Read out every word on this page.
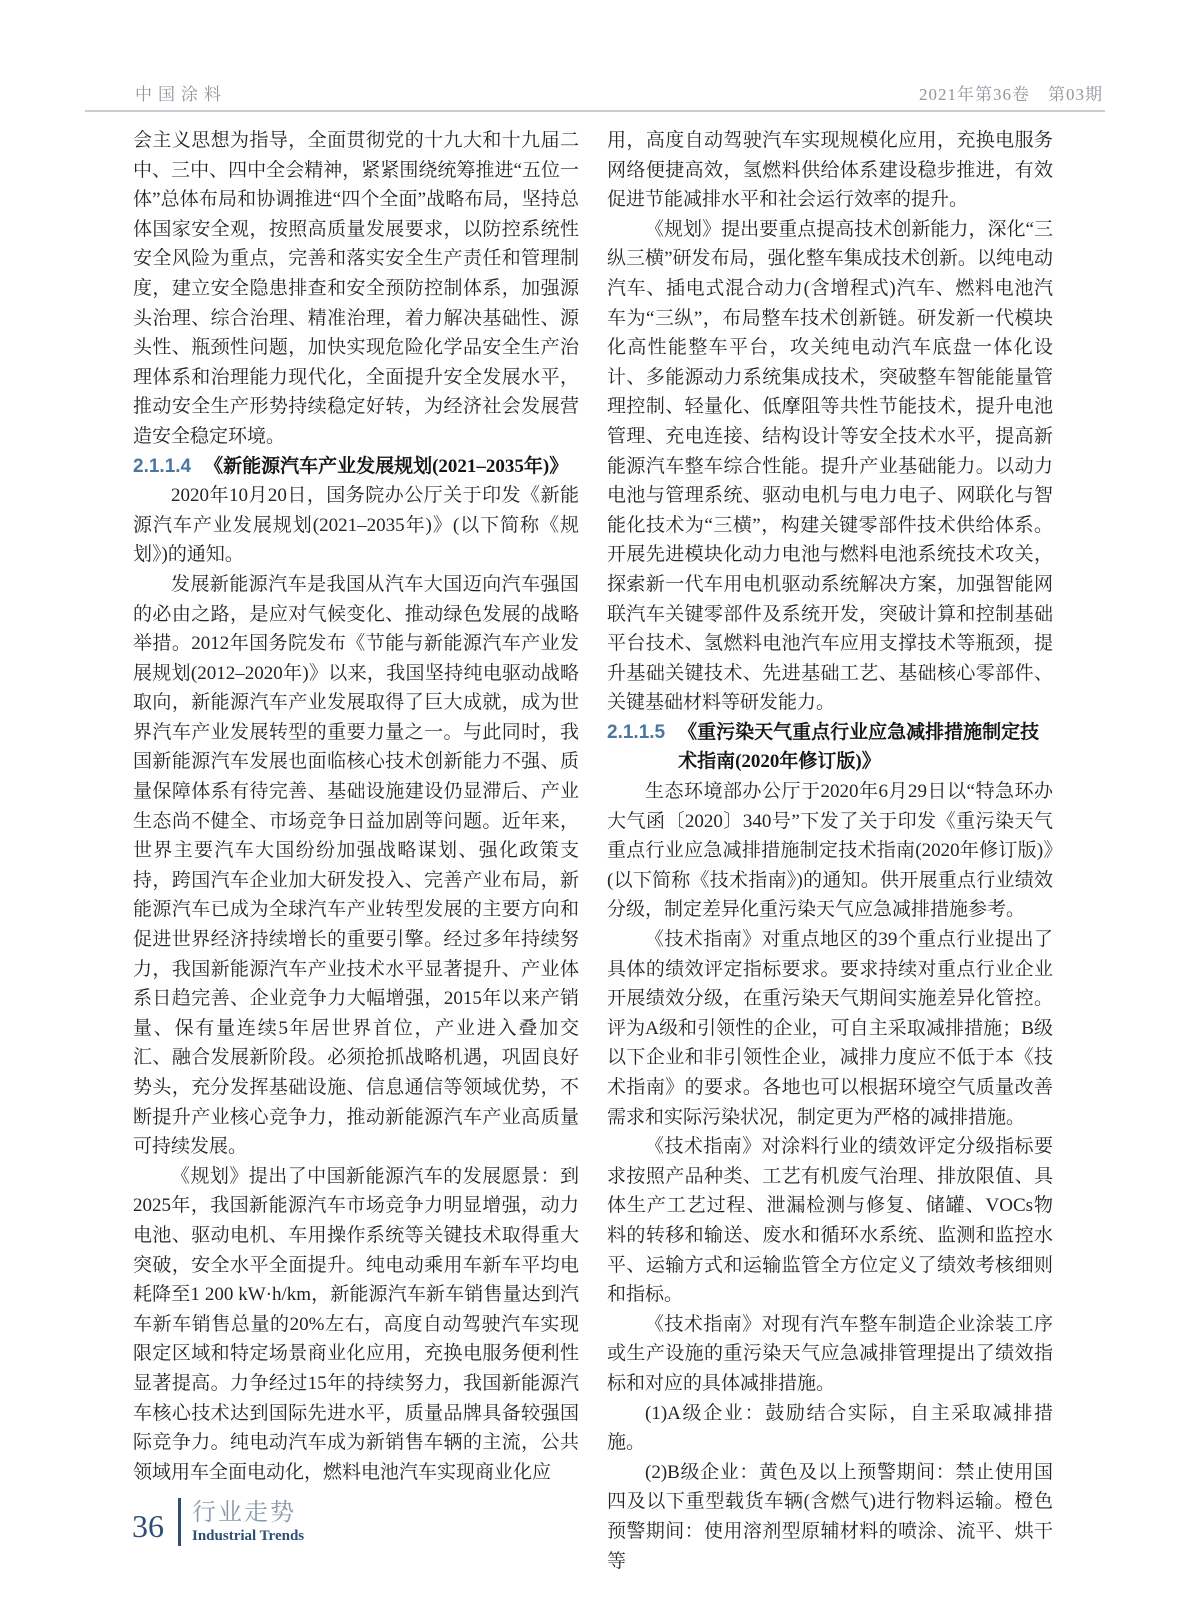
中国涂料	2021年第36卷　第03期

会主义思想为指导，全面贯彻党的十九大和十九届二中、三中、四中全会精神，紧紧围绕统筹推进“五位一体”总体布局和协调推进“四个全面”战略布局，坚持总体国家安全观，按照高质量发展要求，以防控系统性安全风险为重点，完善和落实安全生产责任和管理制度，建立安全隐患排查和安全预防控制体系，加强源头治理、综合治理、精准治理，着力解决基础性、源头性、瓶颈性问题，加快实现危险化学品安全生产治理体系和治理能力现代化，全面提升安全发展水平，推动安全生产形势持续稳定好转，为经济社会发展营造安全稳定环境。

2.1.1.4 《新能源汽车产业发展规划(2021–2035年)》

2020年10月20日，国务院办公厅关于印发《新能源汽车产业发展规划(2021–2035年)》(以下简称《规划》)的通知。

发展新能源汽车是我国从汽车大国迈向汽车强国的必由之路，是应对气候变化、推动绿色发展的战略举措。2012年国务院发布《节能与新能源汽车产业发展规划(2012–2020年)》以来，我国坚持纯电驱动战略取向，新能源汽车产业发展取得了巨大成就，成为世界汽车产业发展转型的重要力量之一。与此同时，我国新能源汽车发展也面临核心技术创新能力不强、质量保障体系有待完善、基础设施建设仍显滞后、产业生态尚不健全、市场竞争日益加剧等问题。近年来，世界主要汽车大国纷纷加强战略谋划、强化政策支持，跨国汽车企业加大研发投入、完善产业布局，新能源汽车已成为全球汽车产业转型发展的主要方向和促进世界经济持续增长的重要引擎。经过多年持续努力，我国新能源汽车产业技术水平显著提升、产业体系日趋完善、企业竞争力大幅增强，2015年以来产销量、保有量连续5年居世界首位，产业进入叠加交汇、融合发展新阶段。必须抢抓战略机遇，巩固良好势头，充分发挥基础设施、信息通信等领域优势，不断提升产业核心竞争力，推动新能源汽车产业高质量可持续发展。

《规划》提出了中国新能源汽车的发展愿景：到2025年，我国新能源汽车市场竞争力明显增强，动力电池、驱动电机、车用操作系统等关键技术取得重大突破，安全水平全面提升。纯电动乘用车新车平均电耗降至1 200 kW·h/km，新能源汽车新车销售量达到汽车新车销售总量的20%左右，高度自动驾驶汽车实现限定区域和特定场景商业化应用，充换电服务便利性显著提高。力争经过15年的持续努力，我国新能源汽车核心技术达到国际先进水平，质量品牌具备较强国际竞争力。纯电动汽车成为新销售车辆的主流，公共领域用车全面电动化，燃料电池汽车实现商业化应

用，高度自动驾驶汽车实现规模化应用，充换电服务网络便捷高效，氢燃料供给体系建设稳步推进，有效促进节能减排水平和社会运行效率的提升。

《规划》提出要重点提高技术创新能力，深化“三纵三横”研发布局，强化整车集成技术创新。以纯电动汽车、插电式混合动力(含增程式)汽车、燃料电池汽车为“三纵”，布局整车技术创新链。研发新一代模块化高性能整车平台，攻关纯电动汽车底盘一体化设计、多能源动力系统集成技术，突破整车智能能量管理控制、轻量化、低摩阻等共性节能技术，提升电池管理、充电连接、结构设计等安全技术水平，提高新能源汽车整车综合性能。提升产业基础能力。以动力电池与管理系统、驱动电机与电力电子、网联化与智能化技术为“三横”，构建关键零部件技术供给体系。开展先进模块化动力电池与燃料电池系统技术攻关，探索新一代车用电机驱动系统解决方案，加强智能网联汽车关键零部件及系统开发，突破计算和控制基础平台技术、氢燃料电池汽车应用支撑技术等瓶颈，提升基础关键技术、先进基础工艺、基础核心零部件、关键基础材料等研发能力。

2.1.1.5 《重污染天气重点行业应急减排措施制定技术指南(2020年修订版)》

生态环境部办公厅于2020年6月29日以“特急环办大气函〔2020〕340号”下发了关于印发《重污染天气重点行业应急减排措施制定技术指南(2020年修订版)》(以下简称《技术指南》)的通知。供开展重点行业绩效分级，制定差异化重污染天气应急减排措施参考。

《技术指南》对重点地区的39个重点行业提出了具体的绩效评定指标要求。要求持续对重点行业企业开展绩效分级，在重污染天气期间实施差异化管控。评为A级和引领性的企业，可自主采取减排措施；B级以下企业和非引领性企业，减排力度应不低于本《技术指南》的要求。各地也可以根据环境空气质量改善需求和实际污染状况，制定更为严格的减排措施。

《技术指南》对涂料行业的绩效评定分级指标要求按照产品种类、工艺有机废气治理、排放限值、具体生产工艺过程、泄漏检测与修复、储罐、VOCs物料的转移和输送、废水和循环水系统、监测和监控水平、运输方式和运输监管全方位定义了绩效考核细则和指标。

《技术指南》对现有汽车整车制造企业涂装工序或生产设施的重污染天气应急减排管理提出了绩效指标和对应的具体减排措施。

(1)A级企业：鼓励结合实际，自主采取减排措施。

(2)B级企业：黄色及以上预警期间：禁止使用国四及以下重型载货车辆(含燃气)进行物料运输。橙色预警期间：使用溶剂型原辅材料的喷涂、流平、烘干等

36	行业走势
Industrial Trends
